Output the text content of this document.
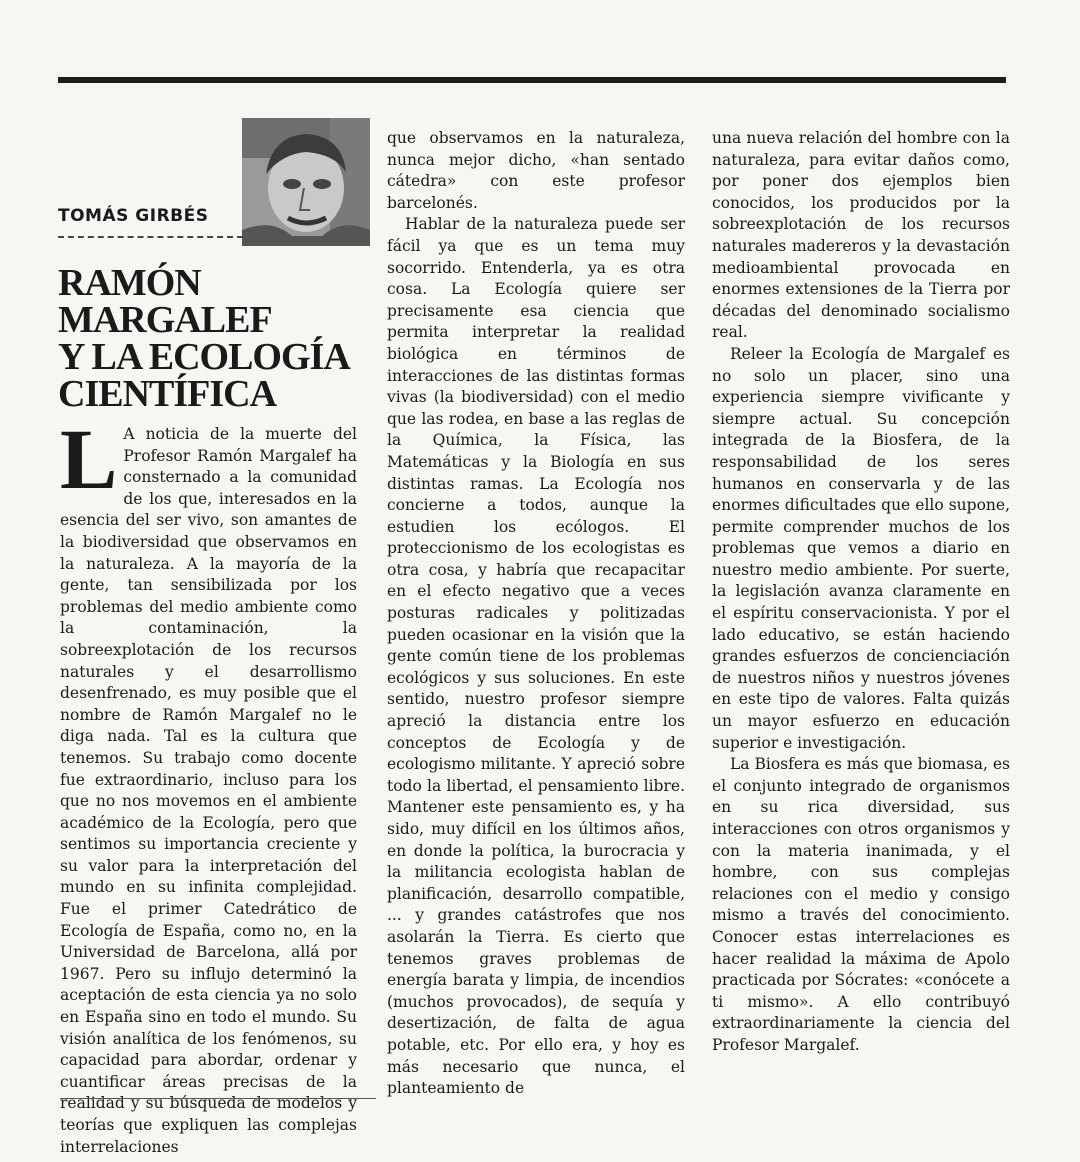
TOMÁS GIRBÉS
RAMÓN MARGALEF
Y LA ECOLOGÍA
CIENTÍFICA

L A noticia de la muerte del Profesor Ramón Margalef ha consternado a la comunidad de los que, interesados en la esencia del ser vivo, son amantes de la biodiversidad que observamos en la naturaleza. A la mayoría de la gente, tan sensibilizada por los problemas del medio ambiente como la contaminación, la sobreexplotación de los recursos naturales y el desarrollismo desenfrenado, es muy posible que el nombre de Ramón Margalef no le diga nada. Tal es la cultura que tenemos. Su trabajo como docente fue extraordinario, incluso para los que no nos movemos en el ambiente académico de la Ecología, pero que sentimos su importancia creciente y su valor para la interpretación del mundo en su infinita complejidad. Fue el primer Catedrático de Ecología de España, como no, en la Universidad de Barcelona, allá por 1967. Pero su influjo determinó la aceptación de esta ciencia ya no solo en España sino en todo el mundo. Su visión analítica de los fenómenos, su capacidad para abordar, ordenar y cuantificar áreas precisas de la realidad y su búsqueda de modelos y teorías que expliquen las complejas interrelaciones

que observamos en la naturaleza, nunca mejor dicho, «han sentado cátedra» con este profesor barcelonés.

Hablar de la naturaleza puede ser fácil ya que es un tema muy socorrido. Entenderla, ya es otra cosa. La Ecología quiere ser precisamente esa ciencia que permita interpretar la realidad biológica en términos de interacciones de las distintas formas vivas (la biodiversidad) con el medio que las rodea, en base a las reglas de la Química, la Física, las Matemáticas y la Biología en sus distintas ramas. La Ecología nos concierne a todos, aunque la estudien los ecólogos. El proteccionismo de los ecologistas es otra cosa, y habría que recapacitar en el efecto negativo que a veces posturas radicales y politizadas pueden ocasionar en la visión que la gente común tiene de los problemas ecológicos y sus soluciones. En este sentido, nuestro profesor siempre apreció la distancia entre los conceptos de Ecología y de ecologismo militante. Y apreció sobre todo la libertad, el pensamiento libre. Mantener este pensamiento es, y ha sido, muy difícil en los últimos años, en donde la política, la burocracia y la militancia ecologista hablan de planificación, desarrollo compatible, ... y grandes catástrofes que nos asolarán la Tierra. Es cierto que tenemos graves problemas de energía barata y limpia, de incendios (muchos provocados), de sequía y desertización, de falta de agua potable, etc. Por ello era, y hoy es más necesario que nunca, el planteamiento de

una nueva relación del hombre con la naturaleza, para evitar daños como, por poner dos ejemplos bien conocidos, los producidos por la sobreexplotación de los recursos naturales madereros y la devastación medioambiental provocada en enormes extensiones de la Tierra por décadas del denominado socialismo real.

Releer la Ecología de Margalef es no solo un placer, sino una experiencia siempre vivificante y siempre actual. Su concepción integrada de la Biosfera, de la responsabilidad de los seres humanos en conservarla y de las enormes dificultades que ello supone, permite comprender muchos de los problemas que vemos a diario en nuestro medio ambiente. Por suerte, la legislación avanza claramente en el espíritu conservacionista. Y por el lado educativo, se están haciendo grandes esfuerzos de concienciación de nuestros niños y nuestros jóvenes en este tipo de valores. Falta quizás un mayor esfuerzo en educación superior e investigación.

La Biosfera es más que biomasa, es el conjunto integrado de organismos en su rica diversidad, sus interacciones con otros organismos y con la materia inanimada, y el hombre, con sus complejas relaciones con el medio y consigo mismo a través del conocimiento. Conocer estas interrelaciones es hacer realidad la máxima de Apolo practicada por Sócrates: «conócete a ti mismo». A ello contribuyó extraordinariamente la ciencia del Profesor Margalef.
